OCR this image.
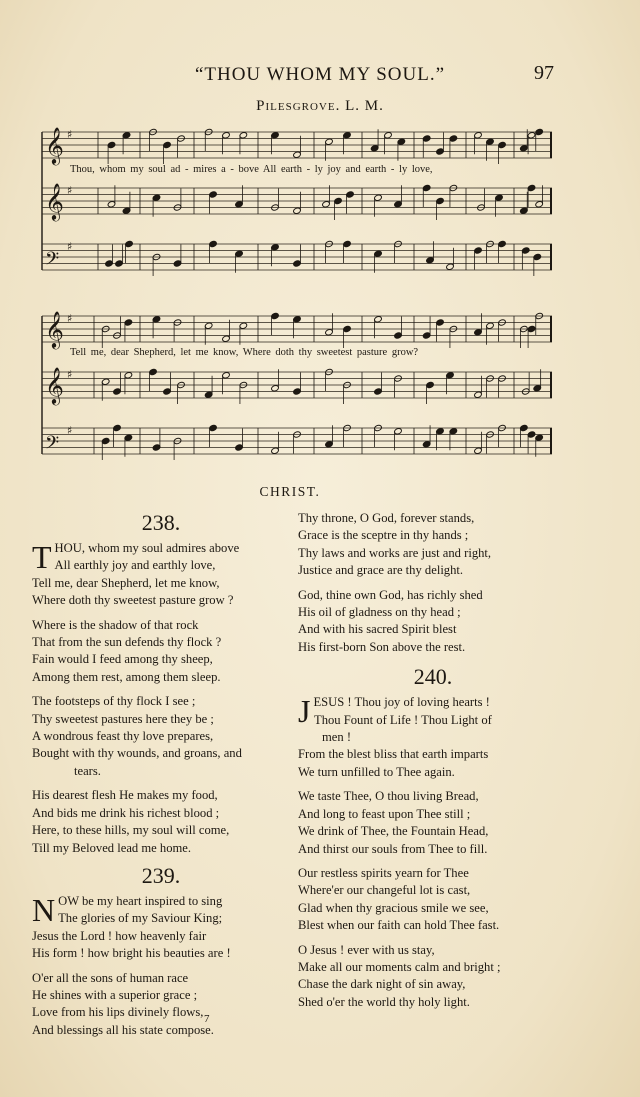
“THOU WHOM MY SOUL.”	97
Pilesgrove. L. M.
𝄞 ♯
𝄞 ♯
𝄢
♯
Thou, whom my soul ad - mires a - bove All earth - ly joy and earth - ly love,
𝄞 ♯
𝄞 ♯
𝄢
♯
Tell me, dear Shepherd, let me know, Where doth thy sweetest pasture grow?
CHRIST.
238.
T HOU, whom my soul admires above
All earthly joy and earthly love,
Tell me, dear Shepherd, let me know,
Where doth thy sweetest pasture grow ?
Where is the shadow of that rock
That from the sun defends thy flock ?
Fain would I feed among thy sheep,
Among them rest, among them sleep.
The footsteps of thy flock I see ;
Thy sweetest pastures here they be ;
A wondrous feast thy love prepares,
Bought with thy wounds, and groans, and
tears.
His dearest flesh He makes my food,
And bids me drink his richest blood ;
Here, to these hills, my soul will come,
Till my Beloved lead me home.
239.
N OW be my heart inspired to sing
The glories of my Saviour King;
Jesus the Lord ! how heavenly fair
His form ! how bright his beauties are !
O'er all the sons of human race
He shines with a superior grace ;
Love from his lips divinely flows,
And blessings all his state compose.
Thy throne, O God, forever stands,
Grace is the sceptre in thy hands ;
Thy laws and works are just and right,
Justice and grace are thy delight.
God, thine own God, has richly shed
His oil of gladness on thy head ;
And with his sacred Spirit blest
His first-born Son above the rest.
240.
J ESUS ! Thou joy of loving hearts !
Thou Fount of Life ! Thou Light of
men !
From the blest bliss that earth imparts
We turn unfilled to Thee again.
We taste Thee, O thou living Bread,
And long to feast upon Thee still ;
We drink of Thee, the Fountain Head,
And thirst our souls from Thee to fill.
Our restless spirits yearn for Thee
Where'er our changeful lot is cast,
Glad when thy gracious smile we see,
Blest when our faith can hold Thee fast.
O Jesus ! ever with us stay,
Make all our moments calm and bright ;
Chase the dark night of sin away,
Shed o'er the world thy holy light.
7
